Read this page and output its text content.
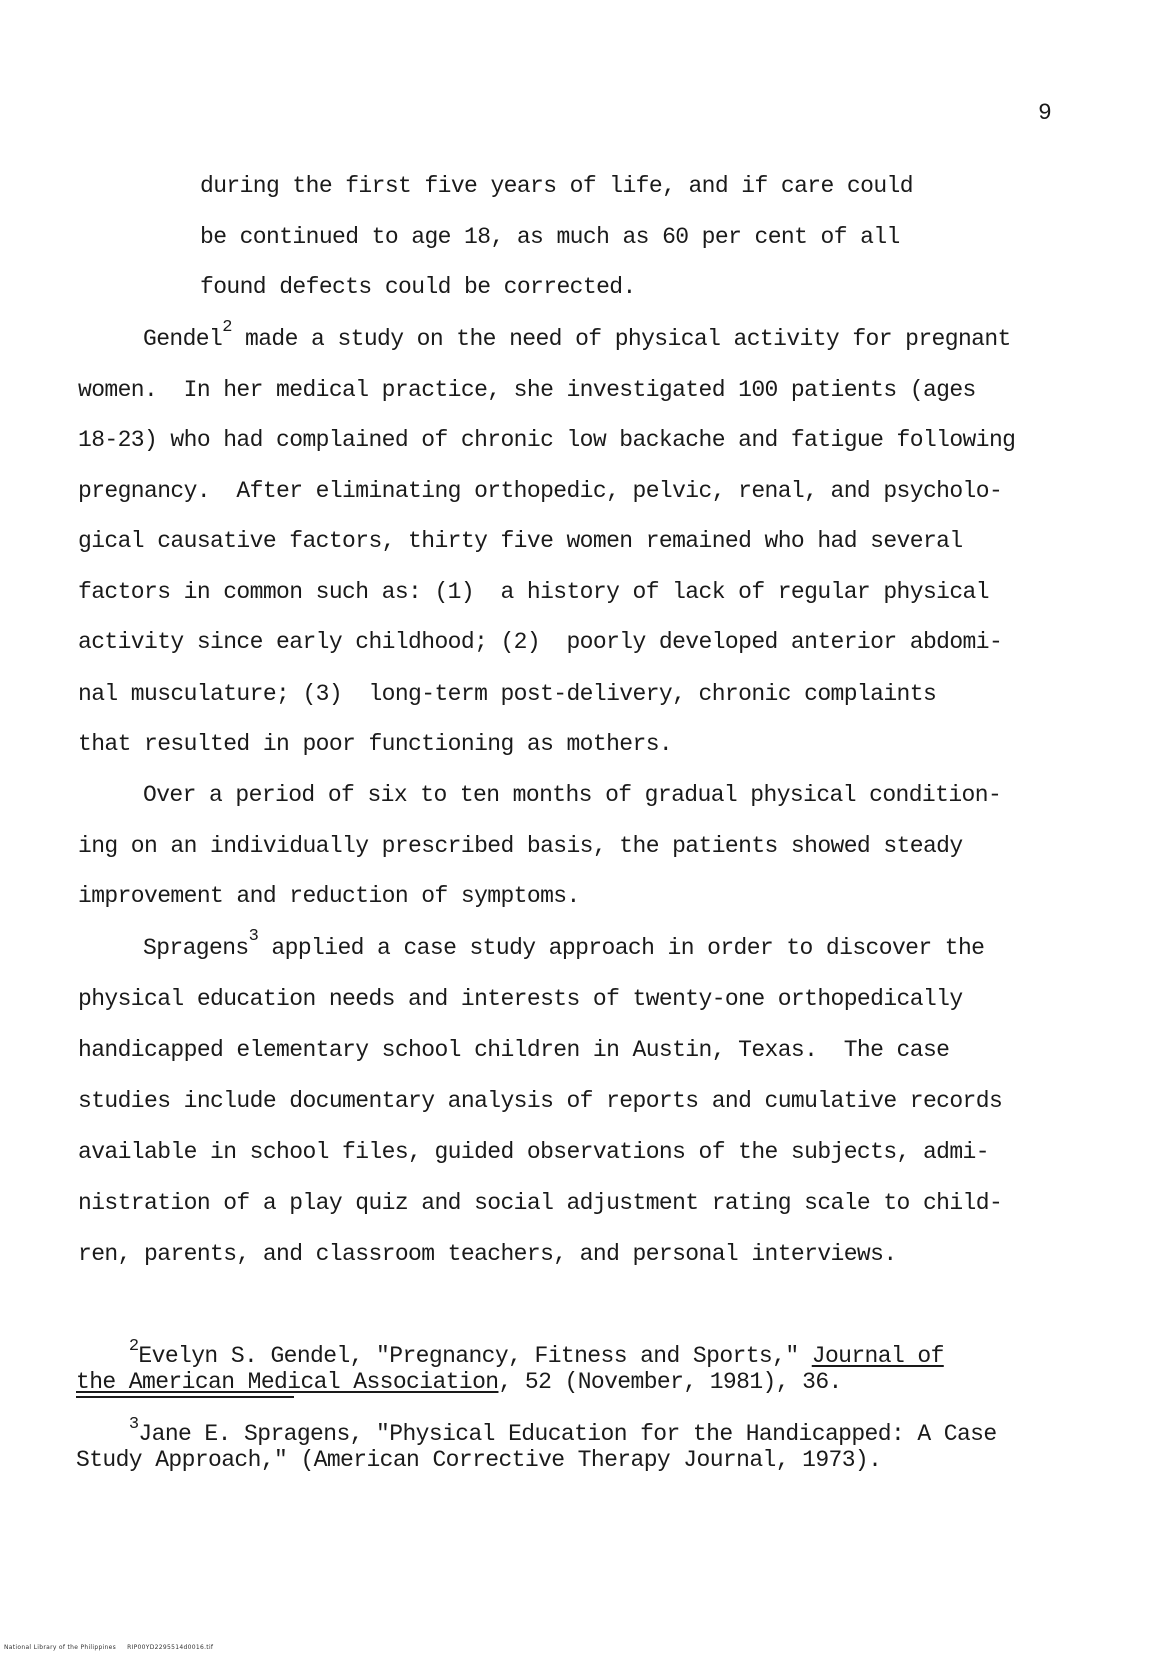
9
during the first five years of life, and if care could
be continued to age 18, as much as 60 per cent of all
found defects could be corrected.
Gendel$^2$ made a study on the need of physical activity for pregnant
women.  In her medical practice, she investigated 100 patients (ages
18-23) who had complained of chronic low backache and fatigue following
pregnancy.  After eliminating orthopedic, pelvic, renal, and psycholo-
gical causative factors, thirty five women remained who had several
factors in common such as: (1)  a history of lack of regular physical
activity since early childhood; (2)  poorly developed anterior abdomi-
nal musculature; (3)  long-term post-delivery, chronic complaints
that resulted in poor functioning as mothers.
Over a period of six to ten months of gradual physical condition-
ing on an individually prescribed basis, the patients showed steady
improvement and reduction of symptoms.
Spragens$^3$ applied a case study approach in order to discover the
physical education needs and interests of twenty-one orthopedically
handicapped elementary school children in Austin, Texas.  The case
studies include documentary analysis of reports and cumulative records
available in school files, guided observations of the subjects, admi-
nistration of a play quiz and social adjustment rating scale to child-
ren, parents, and classroom teachers, and personal interviews.
$^2$Evelyn S. Gendel, "Pregnancy, Fitness and Sports," Journal of
the American Medical Association, 52 (November, 1981), 36.
$^3$Jane E. Spragens, "Physical Education for the Handicapped: A Case
Study Approach," (American Corrective Therapy Journal, 1973).
National Library of the Philippines     RIP00YD2295514d0016.tif
